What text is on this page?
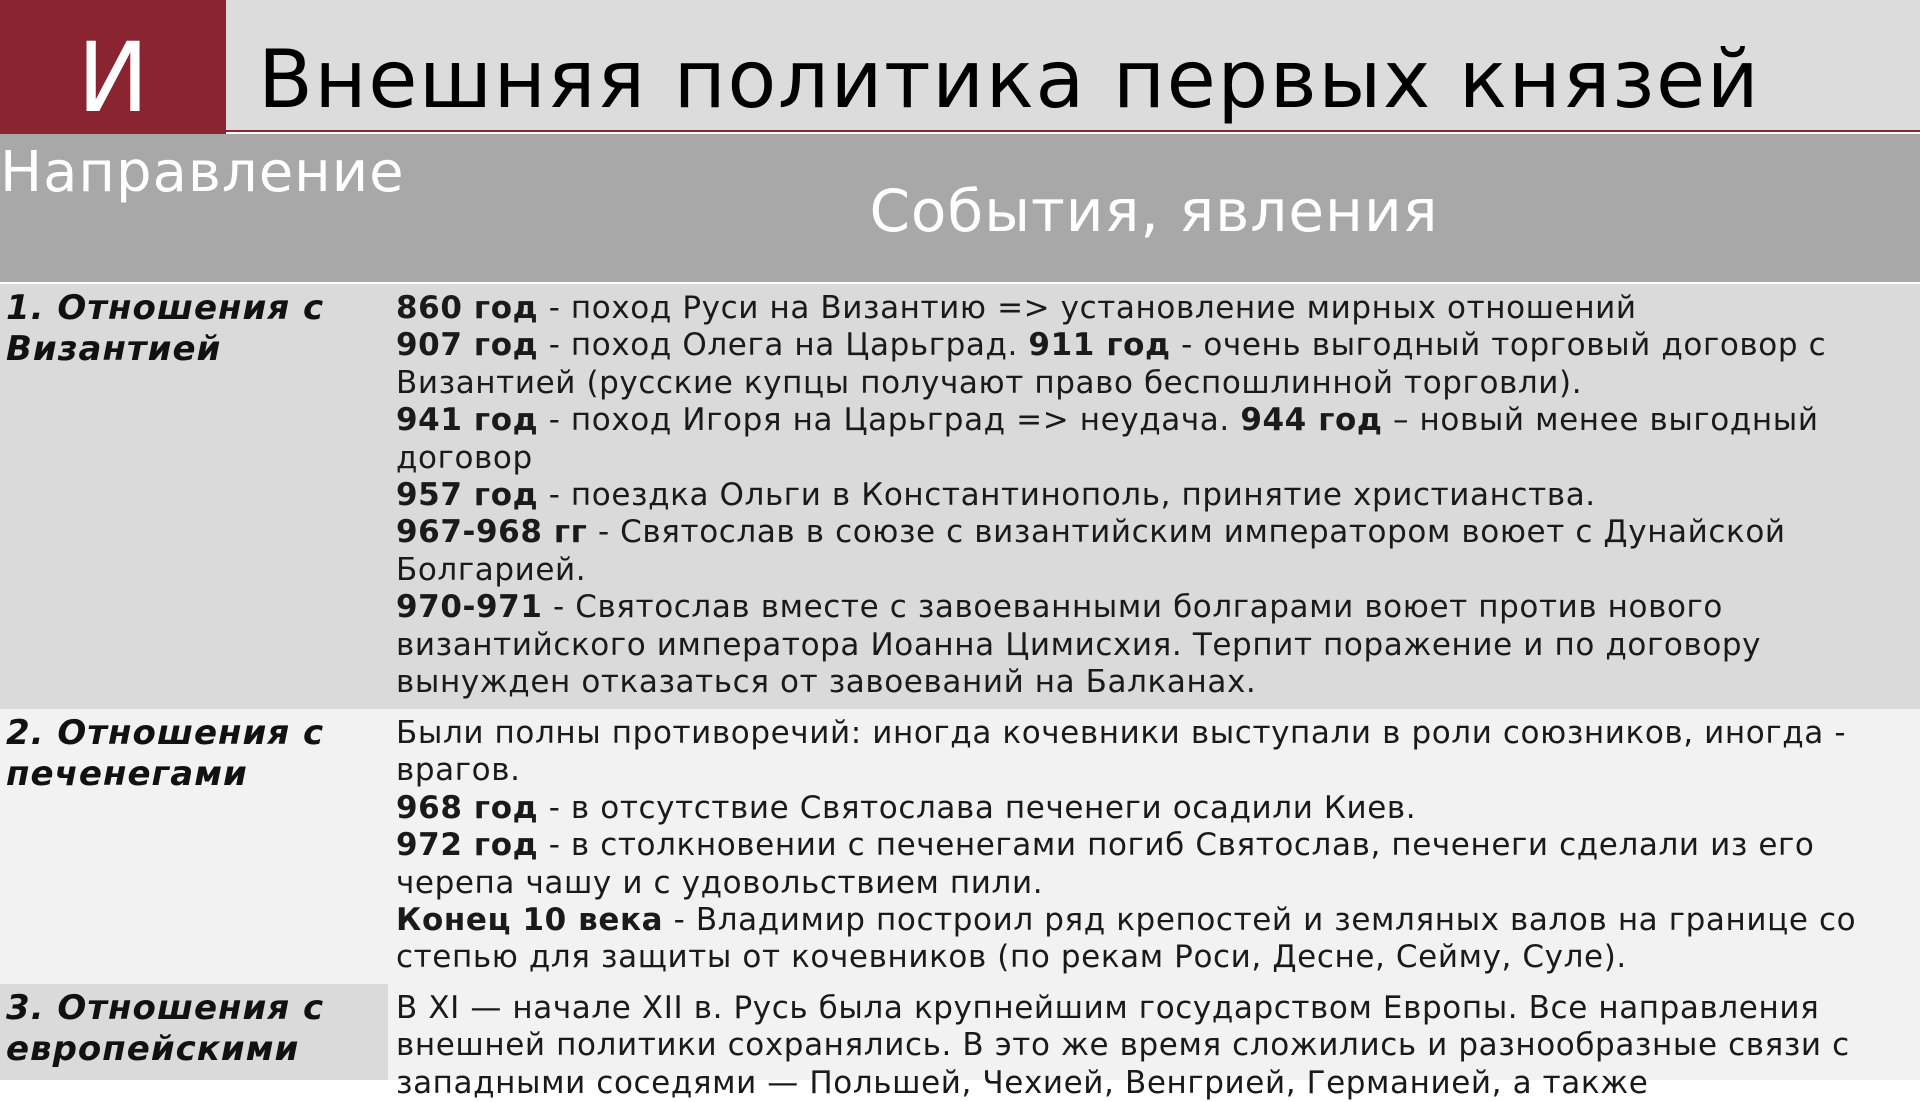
И	Внешняя политика первых князей
Направление
События, явления
1. Отношения с Византией

860 год - поход Руси на Византию => установление мирных отношений

907 год - поход Олега на Царьград. 911 год - очень выгодный торговый договор с Византией (русские купцы получают право беспошлинной торговли).

941 год - поход Игоря на Царьград => неудача. 944 год – новый менее выгодный договор

957 год - поездка Ольги в Константинополь, принятие христианства.

967-968 гг - Святослав в союзе с византийским императором воюет с Дунайской Болгарией.

970-971 - Святослав вместе с завоеванными болгарами воюет против нового византийского императора Иоанна Цимисхия. Терпит поражение и по договору вынужден отказаться от завоеваний на Балканах.

2. Отношения с печенегами

Были полны противоречий: иногда кочевники выступали в роли союзников, иногда - врагов.

968 год - в отсутствие Святослава печенеги осадили Киев.

972 год - в столкновении с печенегами погиб Святослав, печенеги сделали из его черепа чашу и с удовольствием пили.

Конец 10 века - Владимир построил ряд крепостей и земляных валов на границе со степью для защиты от кочевников (по рекам Роси, Десне, Сейму, Суле).

3. Отношения с европейскими

В XI — начале XII в. Русь была крупнейшим государством Европы. Все направления внешней политики сохранялись. В это же время сложились и разнообразные связи с западными соседями — Польшей, Чехией, Венгрией, Германией, а также
